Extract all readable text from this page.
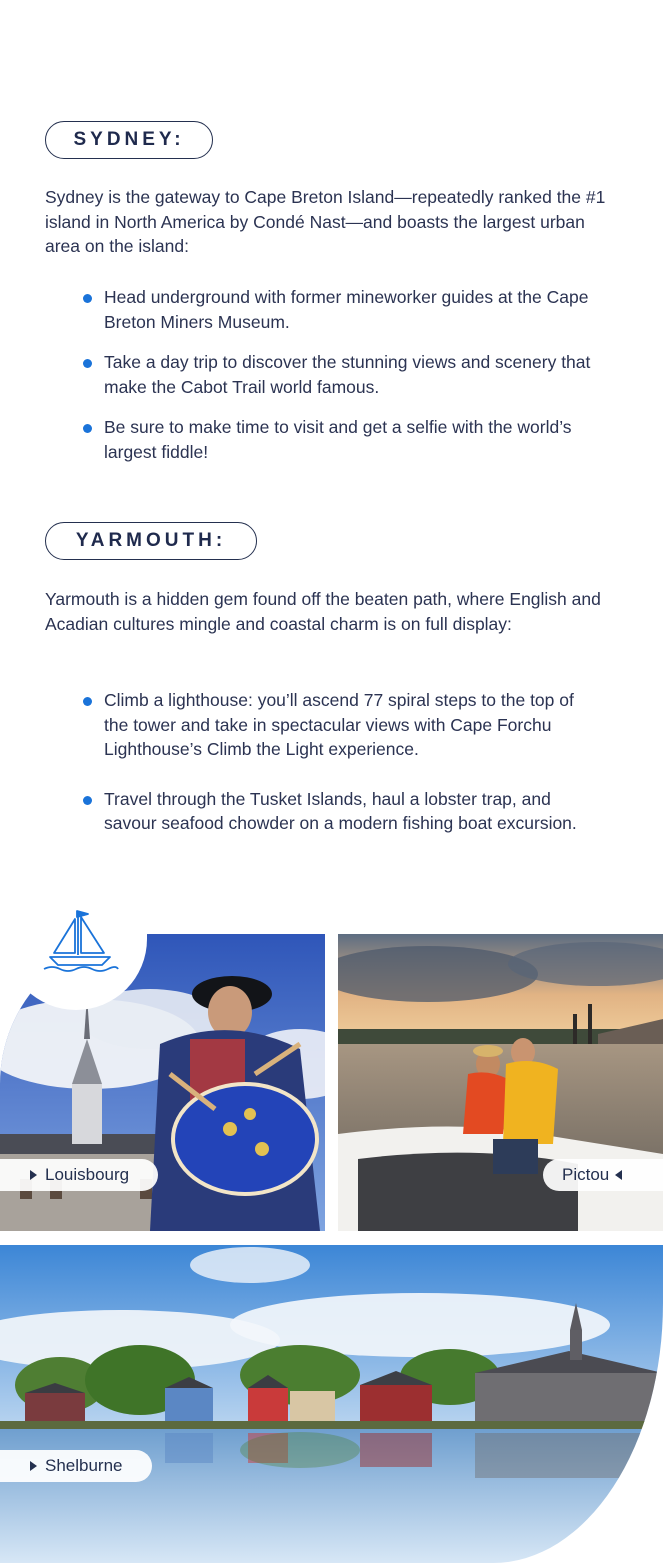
SYDNEY:

Sydney is the gateway to Cape Breton Island—repeatedly ranked the #1 island in North America by Condé Nast—and boasts the largest urban area on the island:

Head underground with former mineworker guides at the Cape Breton Miners Museum.
Take a day trip to discover the stunning views and scenery that make the Cabot Trail world famous.
Be sure to make time to visit and get a selfie with the world’s largest fiddle!
YARMOUTH:

Yarmouth is a hidden gem found off the beaten path, where English and Acadian cultures mingle and coastal charm is on full display:

Climb a lighthouse: you’ll ascend 77 spiral steps to the top of the tower and take in spectacular views with Cape Forchu Lighthouse’s Climb the Light experience.
Travel through the Tusket Islands, haul a lobster trap, and savour seafood chowder on a modern fishing boat excursion.
Louisbourg	Pictou
Shelburne
